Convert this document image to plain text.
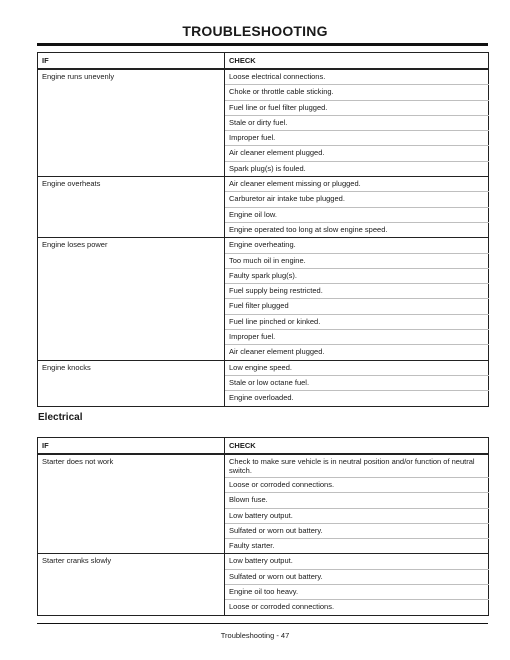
TROUBLESHOOTING
IF	CHECK
Engine runs unevenly	Loose electrical connections.
	Choke or throttle cable sticking.
	Fuel line or fuel filter plugged.
	Stale or dirty fuel.
	Improper fuel.
	Air cleaner element plugged.
	Spark plug(s) is fouled.
Engine overheats	Air cleaner element missing or plugged.
	Carburetor air intake tube plugged.
	Engine oil low.
	Engine operated too long at slow engine speed.
Engine loses power	Engine overheating.
	Too much oil in engine.
	Faulty spark plug(s).
	Fuel supply being restricted.
	Fuel filter plugged
	Fuel line pinched or kinked.
	Improper fuel.
	Air cleaner element plugged.
Engine knocks	Low engine speed.
	Stale or low octane fuel.
	Engine overloaded.
Electrical
IF	CHECK
Starter does not work	Check to make sure vehicle is in neutral position and/or function of neutral switch.
	Loose or corroded connections.
	Blown fuse.
	Low battery output.
	Sulfated or worn out battery.
	Faulty starter.
Starter cranks slowly	Low battery output.
	Sulfated or worn out battery.
	Engine oil too heavy.
	Loose or corroded connections.
Troubleshooting - 47
